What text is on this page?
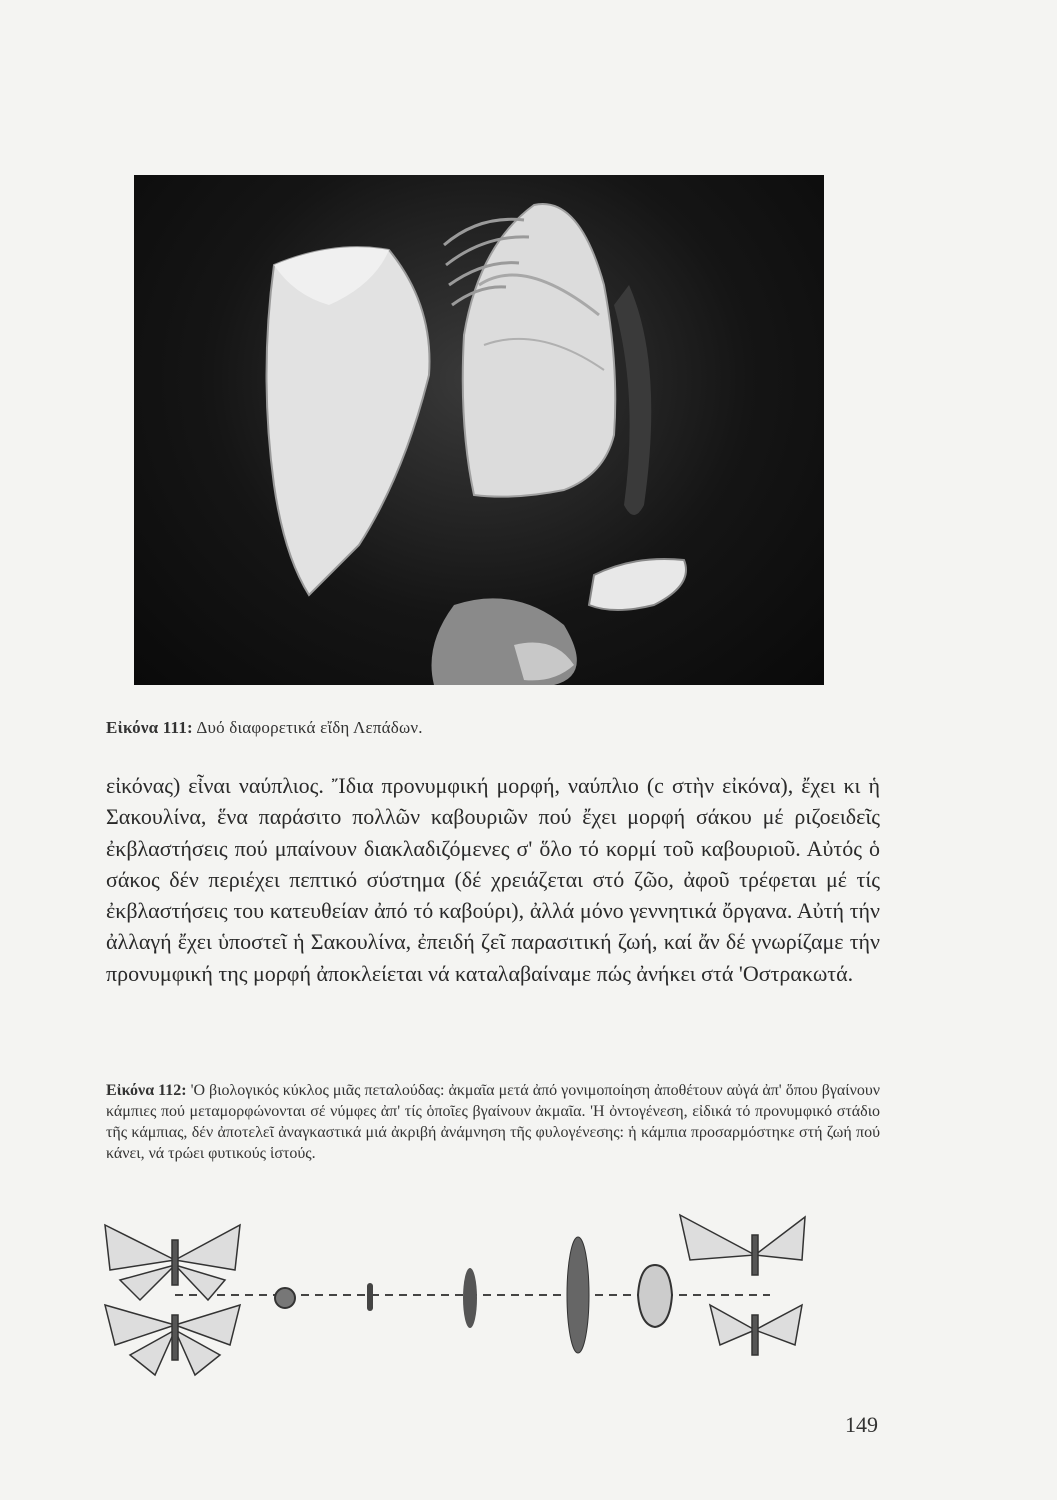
Εἰκόνα 111: Δυό διαφορετικά εἴδη Λεπάδων.
εἰκόνας) εἶναι ναύπλιος. Ἴδια προνυμφική μορφή, ναύπλιο (c στὴν εἰκόνα), ἔχει κι ἡ Σακουλίνα, ἕνα παράσιτο πολλῶν καβουριῶν πού ἔχει μορφή σάκου μέ ριζοειδεῖς ἐκβλαστήσεις πού μπαίνουν διακλαδιζόμενες σ' ὅλο τό κορμί τοῦ καβουριοῦ. Αὐτός ὁ σάκος δέν περιέχει πεπτικό σύστημα (δέ χρειάζεται στό ζῶο, ἀφοῦ τρέφεται μέ τίς ἐκβλαστήσεις του κατευθείαν ἀπό τό καβούρι), ἀλλά μόνο γεννητικά ὄργανα. Αὐτή τήν ἀλλαγή ἔχει ὑποστεῖ ἡ Σακουλίνα, ἐπειδή ζεῖ παρασιτική ζωή, καί ἄν δέ γνωρίζαμε τήν προνυμφική της μορφή ἀποκλείεται νά καταλαβαίναμε πώς ἀνήκει στά 'Οστρακωτά.
Εἰκόνα 112: 'Ο βιολογικός κύκλος μιᾶς πεταλούδας: ἀκμαῖα μετά ἀπό γονιμοποίηση ἀποθέτουν αὐγά ἀπ' ὅπου βγαίνουν κάμπιες πού μεταμορφώνονται σέ νύμφες ἀπ' τίς ὁποῖες βγαίνουν ἀκμαῖα. 'Η ὀντογένεση, εἰδικά τό προνυμφικό στάδιο τῆς κάμπιας, δέν ἀποτελεῖ ἀναγκαστικά μιά ἀκριβή ἀνάμνηση τῆς φυλογένεσης: ἡ κάμπια προσαρμόστηκε στή ζωή πού κάνει, νά τρώει φυτικούς ἱστούς.
149
